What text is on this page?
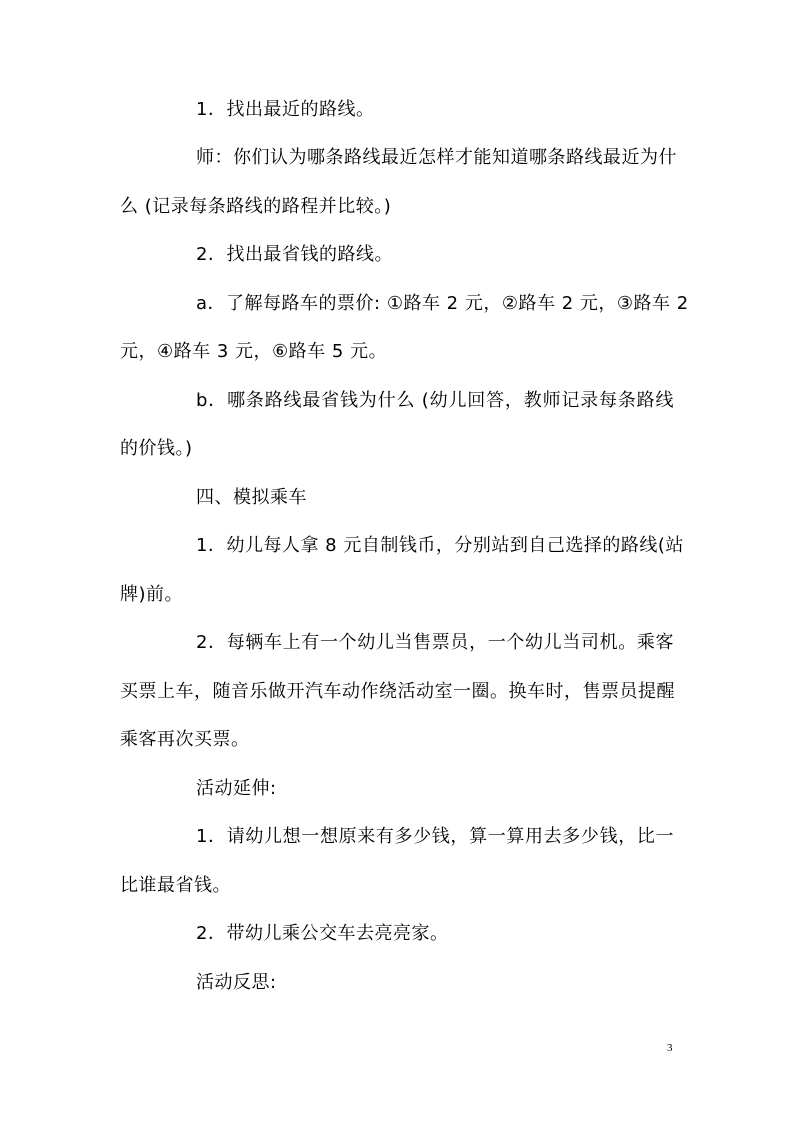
1．找出最近的路线。
师：你们认为哪条路线最近怎样才能知道哪条路线最近为什
么 (记录每条路线的路程并比较。)
2．找出最省钱的路线。
a．了解每路车的票价: ①路车 2 元，②路车 2 元，③路车 2
元，④路车 3 元，⑥路车 5 元。
b．哪条路线最省钱为什么 (幼儿回答，教师记录每条路线
的价钱。)
四、模拟乘车
1．幼儿每人拿 8 元自制钱币，分别站到自己选择的路线(站
牌)前。
2．每辆车上有一个幼儿当售票员，一个幼儿当司机。乘客
买票上车，随音乐做开汽车动作绕活动室一圈。换车时，售票员提醒
乘客再次买票。
活动延伸:
1．请幼儿想一想原来有多少钱，算一算用去多少钱，比一
比谁最省钱。
2．带幼儿乘公交车去亮亮家。
活动反思:
3
